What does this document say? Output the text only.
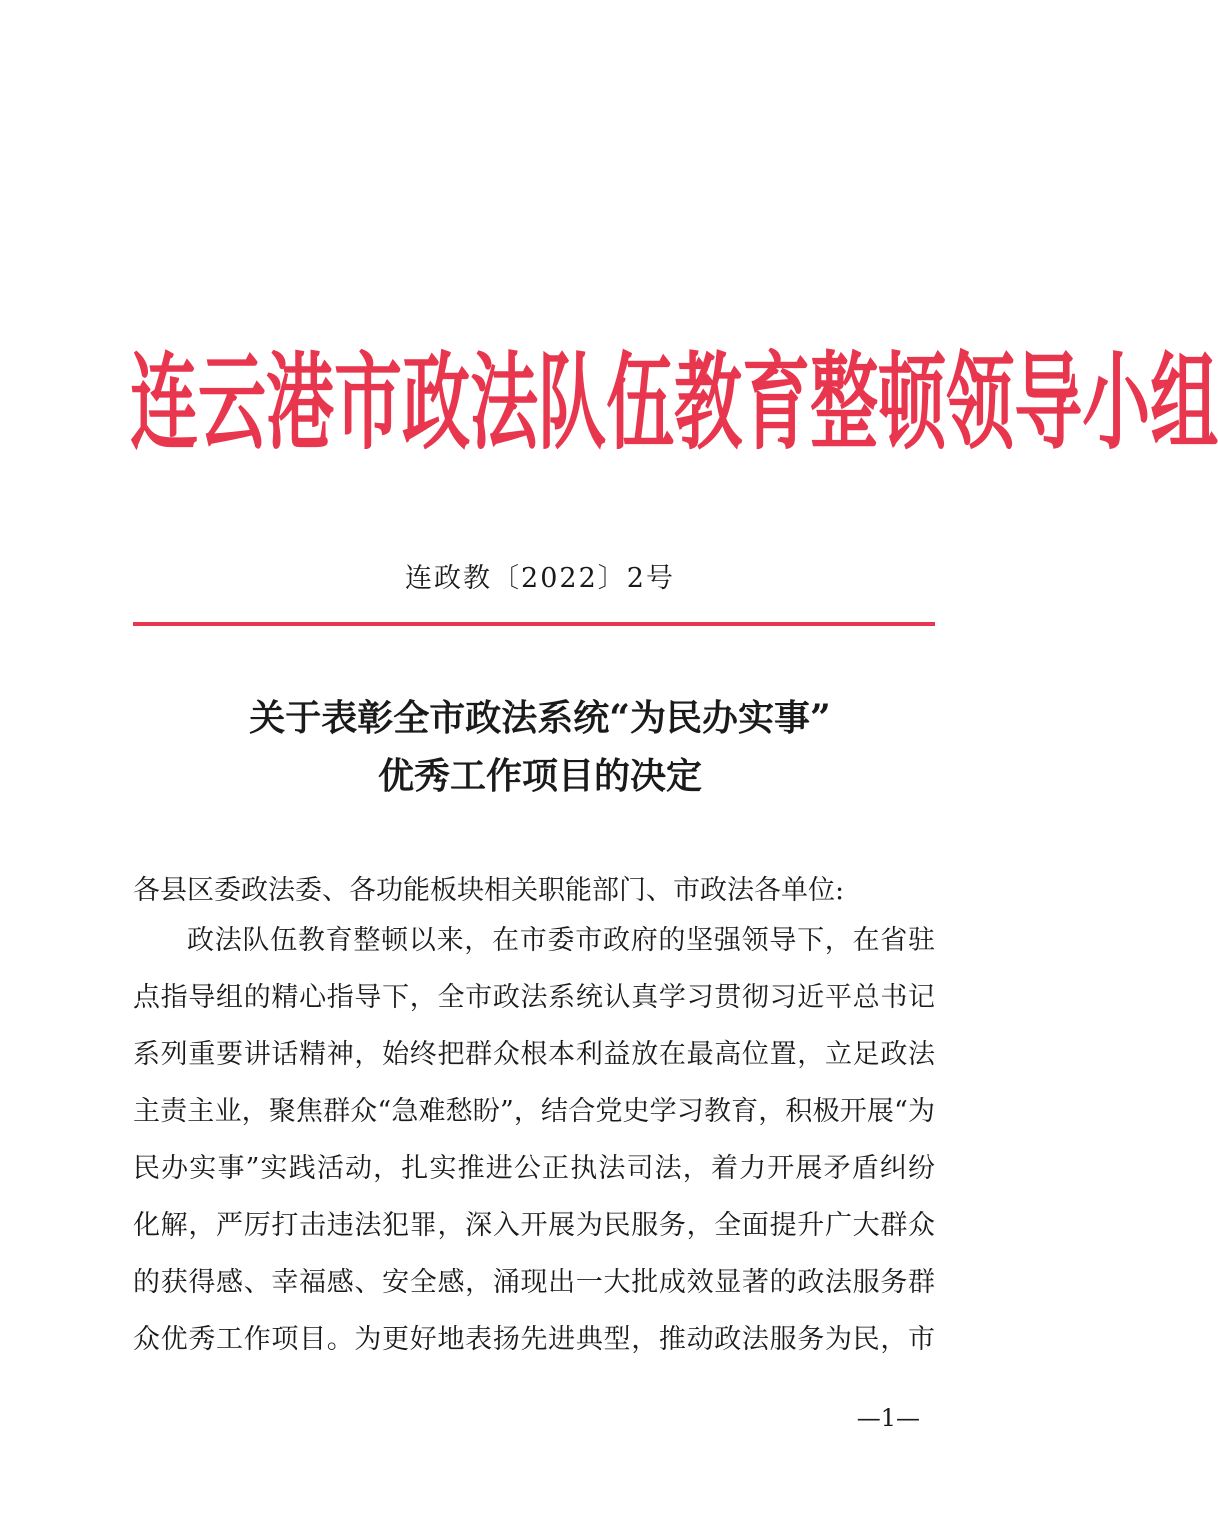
连 云 港 市 政 法 队 伍 教 育 整 顿 领 导 小 组
连政教〔2022〕2号
关于表彰全市政法系统“为民办实事”
优秀工作项目的决定
各县区委政法委、各功能板块相关职能部门、市政法各单位:
政法队伍教育整顿以来，在市委市政府的坚强领导下，在省驻
点指导组的精心指导下，全市政法系统认真学习贯彻习近平总书记
系列重要讲话精神，始终把群众根本利益放在最高位置，立足政法
主责主业，聚焦群众“急难愁盼”，结合党史学习教育，积极开展“为
民办实事”实践活动，扎实推进公正执法司法，着力开展矛盾纠纷
化解，严厉打击违法犯罪，深入开展为民服务，全面提升广大群众
的获得感、幸福感、安全感，涌现出一大批成效显著的政法服务群
众优秀工作项目。为更好地表扬先进典型，推动政法服务为民，市
—1—
